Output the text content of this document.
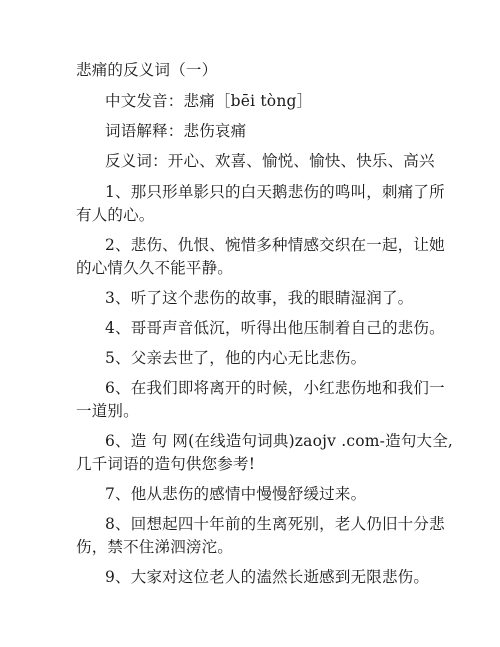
悲痛的反义词（一）
中文发音：悲痛［bēi tòng］
词语解释：悲伤哀痛
反义词：开心、欢喜、愉悦、愉快、快乐、高兴
1、那只形单影只的白天鹅悲伤的鸣叫，刺痛了所
有人的心。
2、悲伤、仇恨、惋惜多种情感交织在一起，让她
的心情久久不能平静。
3、听了这个悲伤的故事，我的眼睛湿润了。
4、哥哥声音低沉，听得出他压制着自己的悲伤。
5、父亲去世了，他的内心无比悲伤。
6、在我们即将离开的时候，小红悲伤地和我们一
一道别。
6、造 句 网(在线造句词典)zaojv .com-造句大全,
几千词语的造句供您参考!
7、他从悲伤的感情中慢慢舒缓过来。
8、回想起四十年前的生离死别，老人仍旧十分悲
伤，禁不住涕泗滂沱。
9、大家对这位老人的溘然长逝感到无限悲伤。
